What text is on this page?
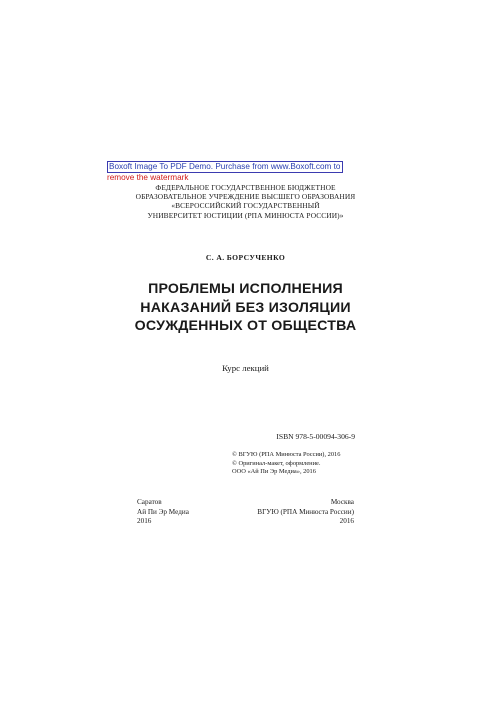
Boxoft Image To PDF Demo. Purchase from www.Boxoft.com to
remove the watermark
ФЕДЕРАЛЬНОЕ ГОСУДАРСТВЕННОЕ БЮДЖЕТНОЕ
ОБРАЗОВАТЕЛЬНОЕ УЧРЕЖДЕНИЕ ВЫСШЕГО ОБРАЗОВАНИЯ
«ВСЕРОССИЙСКИЙ ГОСУДАРСТВЕННЫЙ
УНИВЕРСИТЕТ ЮСТИЦИИ (РПА МИНЮСТА РОССИИ)»
С. А. БОРСУЧЕНКО
ПРОБЛЕМЫ ИСПОЛНЕНИЯ
НАКАЗАНИЙ БЕЗ ИЗОЛЯЦИИ
ОСУЖДЕННЫХ ОТ ОБЩЕСТВА
Курс лекций
ISBN 978-5-00094-306-9
© ВГУЮ (РПА Минюста России), 2016
© Оригинал-макет, оформление.
ООО «Ай Пи Эр Медиа», 2016
Саратов
Ай Пи Эр Медиа
2016
Москва
ВГУЮ (РПА Минюста России)
2016
